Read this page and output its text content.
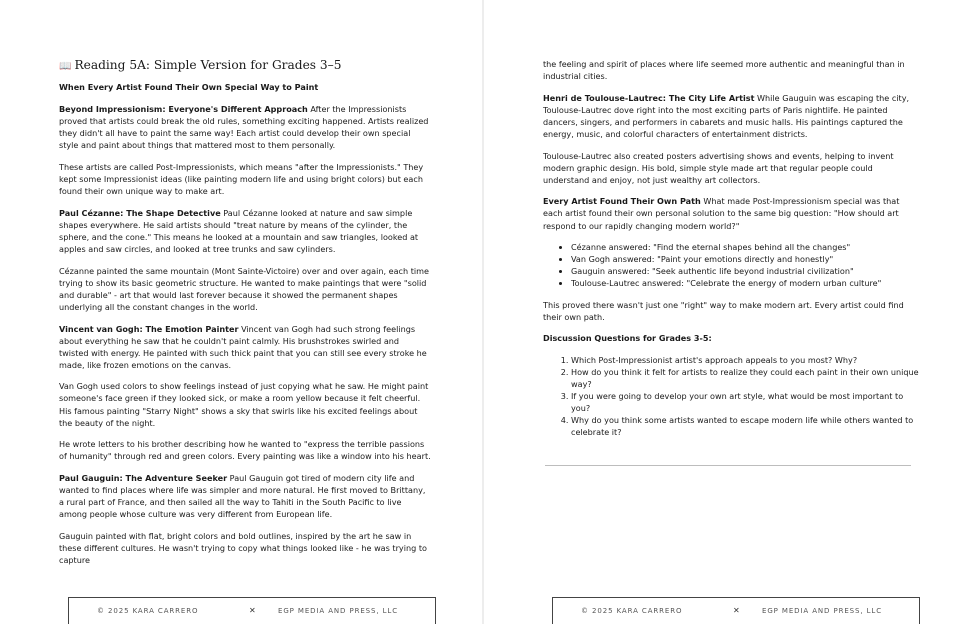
📖 Reading 5A: Simple Version for Grades 3–5
When Every Artist Found Their Own Special Way to Paint

Beyond Impressionism: Everyone's Different Approach After the Impressionists proved that artists could break the old rules, something exciting happened. Artists realized they didn't all have to paint the same way! Each artist could develop their own special style and paint about things that mattered most to them personally.

These artists are called Post-Impressionists, which means "after the Impressionists." They kept some Impressionist ideas (like painting modern life and using bright colors) but each found their own unique way to make art.

Paul Cézanne: The Shape Detective Paul Cézanne looked at nature and saw simple shapes everywhere. He said artists should "treat nature by means of the cylinder, the sphere, and the cone." This means he looked at a mountain and saw triangles, looked at apples and saw circles, and looked at tree trunks and saw cylinders.

Cézanne painted the same mountain (Mont Sainte-Victoire) over and over again, each time trying to show its basic geometric structure. He wanted to make paintings that were "solid and durable" - art that would last forever because it showed the permanent shapes underlying all the constant changes in the world.

Vincent van Gogh: The Emotion Painter Vincent van Gogh had such strong feelings about everything he saw that he couldn't paint calmly. His brushstrokes swirled and twisted with energy. He painted with such thick paint that you can still see every stroke he made, like frozen emotions on the canvas.

Van Gogh used colors to show feelings instead of just copying what he saw. He might paint someone's face green if they looked sick, or make a room yellow because it felt cheerful. His famous painting "Starry Night" shows a sky that swirls like his excited feelings about the beauty of the night.

He wrote letters to his brother describing how he wanted to "express the terrible passions of humanity" through red and green colors. Every painting was like a window into his heart.

Paul Gauguin: The Adventure Seeker Paul Gauguin got tired of modern city life and wanted to find places where life was simpler and more natural. He first moved to Brittany, a rural part of France, and then sailed all the way to Tahiti in the South Pacific to live among people whose culture was very different from European life.

Gauguin painted with flat, bright colors and bold outlines, inspired by the art he saw in these different cultures. He wasn't trying to copy what things looked like - he was trying to capture

© 2025 KARA CARRERO	✕	EGP MEDIA AND PRESS, LLC

the feeling and spirit of places where life seemed more authentic and meaningful than in industrial cities.

Henri de Toulouse-Lautrec: The City Life Artist While Gauguin was escaping the city, Toulouse-Lautrec dove right into the most exciting parts of Paris nightlife. He painted dancers, singers, and performers in cabarets and music halls. His paintings captured the energy, music, and colorful characters of entertainment districts.

Toulouse-Lautrec also created posters advertising shows and events, helping to invent modern graphic design. His bold, simple style made art that regular people could understand and enjoy, not just wealthy art collectors.

Every Artist Found Their Own Path What made Post-Impressionism special was that each artist found their own personal solution to the same big question: "How should art respond to our rapidly changing modern world?"

• Cézanne answered: "Find the eternal shapes behind all the changes"
• Van Gogh answered: "Paint your emotions directly and honestly"
• Gauguin answered: "Seek authentic life beyond industrial civilization"
• Toulouse-Lautrec answered: "Celebrate the energy of modern urban culture"

This proved there wasn't just one "right" way to make modern art. Every artist could find their own path.

Discussion Questions for Grades 3-5:

1. Which Post-Impressionist artist's approach appeals to you most? Why?
2. How do you think it felt for artists to realize they could each paint in their own unique way?
3. If you were going to develop your own art style, what would be most important to you?
4. Why do you think some artists wanted to escape modern life while others wanted to celebrate it?
© 2025 KARA CARRERO	✕	EGP MEDIA AND PRESS, LLC
